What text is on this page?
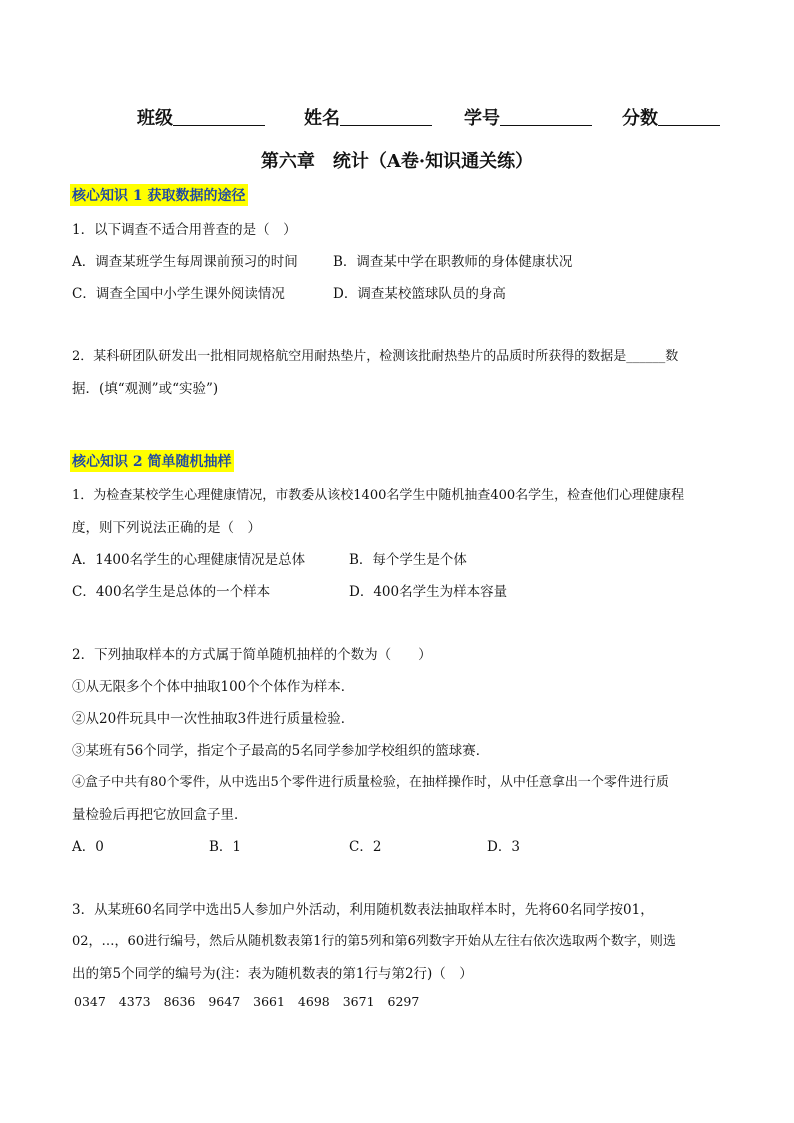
班级	姓名	学号	分数
第六章　统计（A卷·知识通关练）
核心知识 1 获取数据的途径
1．以下调查不适合用普查的是（　）
A．调查某班学生每周课前预习的时间	B．调查某中学在职教师的身体健康状况
C．调查全国中小学生课外阅读情况	D．调查某校篮球队员的身高
2．某科研团队研发出一批相同规格航空用耐热垫片，检测该批耐热垫片的品质时所获得的数据是______数
据．(填“观测”或“实验”)
核心知识 2 简单随机抽样
1．为检查某校学生心理健康情况，市教委从该校1400名学生中随机抽查400名学生，检查他们心理健康程
度，则下列说法正确的是（　）
A．1400名学生的心理健康情况是总体	B．每个学生是个体
C．400名学生是总体的一个样本	D．400名学生为样本容量
2．下列抽取样本的方式属于简单随机抽样的个数为（　　）
①从无限多个个体中抽取100个个体作为样本．
②从20件玩具中一次性抽取3件进行质量检验．
③某班有56个同学，指定个子最高的5名同学参加学校组织的篮球赛．
④盒子中共有80个零件，从中选出5个零件进行质量检验，在抽样操作时，从中任意拿出一个零件进行质
量检验后再把它放回盒子里．
A．0	B．1	C．2	D．3
3．从某班60名同学中选出5人参加户外活动，利用随机数表法抽取样本时，先将60名同学按01，
02，…，60进行编号，然后从随机数表第1行的第5列和第6列数字开始从左往右依次选取两个数字，则选
出的第5个同学的编号为(注：表为随机数表的第1行与第2行)（　）
0347 4373 8636 9647 3661 4698 3671 6297
